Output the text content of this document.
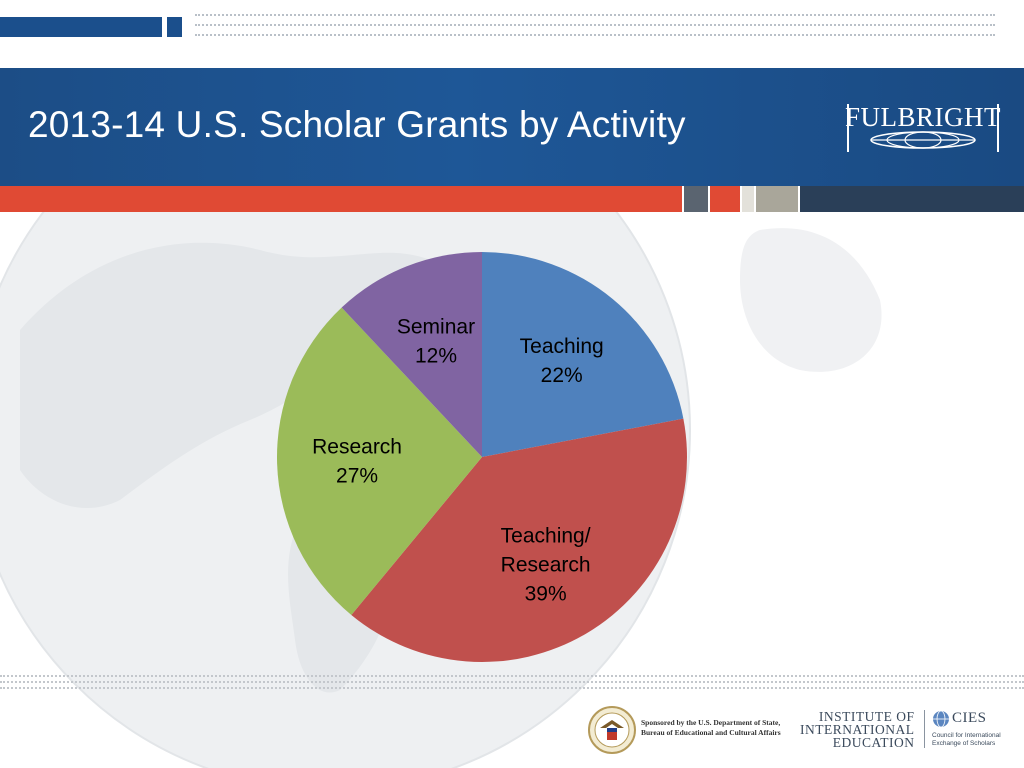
2013-14 U.S. Scholar Grants by Activity	FULBRIGHT
Teaching
22%
Teaching/
Research
39%
Research
27%
Seminar
12%
Sponsored by the U.S. Department of State,
Bureau of Educational and Cultural Affairs
INSTITUTE OF
INTERNATIONAL
EDUCATION
CIES
Council for International
Exchange of Scholars
